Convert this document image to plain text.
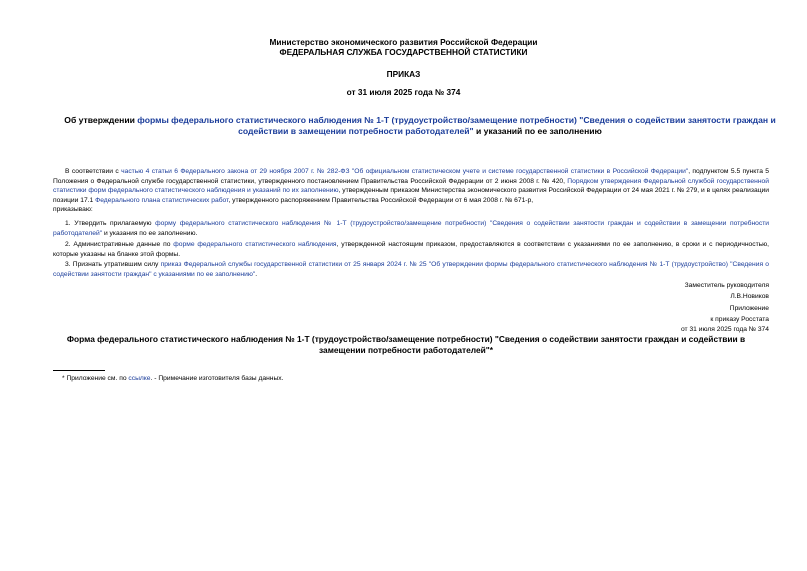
Министерство экономического развития Российской Федерации
ФЕДЕРАЛЬНАЯ СЛУЖБА ГОСУДАРСТВЕННОЙ СТАТИСТИКИ
ПРИКАЗ
от 31 июля 2025 года № 374
Об утверждении формы федерального статистического наблюдения № 1-Т (трудоустройство/замещение потребности) "Сведения о содействии занятости граждан и содействии в замещении потребности работодателей" и указаний по ее заполнению
В соответствии с частью 4 статьи 6 Федерального закона от 29 ноября 2007 г. № 282-ФЗ "Об официальном статистическом учете и системе государственной статистики в Российской Федерации", подпунктом 5.5 пункта 5 Положения о Федеральной службе государственной статистики, утвержденного постановлением Правительства Российской Федерации от 2 июня 2008 г. № 420, Порядком утверждения Федеральной службой государственной статистики форм федерального статистического наблюдения и указаний по их заполнению, утвержденным приказом Министерства экономического развития Российской Федерации от 24 мая 2021 г. № 279, и в целях реализации позиции 17.1 Федерального плана статистических работ, утвержденного распоряжением Правительства Российской Федерации от 6 мая 2008 г. № 671-р,
приказываю:
1. Утвердить прилагаемую форму федерального статистического наблюдения № 1-Т (трудоустройство/замещение потребности) "Сведения о содействии занятости граждан и содействии в замещении потребности работодателей" и указания по ее заполнению.
2. Административные данные по форме федерального статистического наблюдения, утвержденной настоящим приказом, предоставляются в соответствии с указаниями по ее заполнению, в сроки и с периодичностью, которые указаны на бланке этой формы.
3. Признать утратившим силу приказ Федеральной службы государственной статистики от 25 января 2024 г. № 25 "Об утверждении формы федерального статистического наблюдения № 1-Т (трудоустройство) "Сведения о содействии занятости граждан" с указаниями по ее заполнению".
Заместитель руководителя
Л.В.Новиков
Приложение
к приказу Росстата
от 31 июля 2025 года № 374
Форма федерального статистического наблюдения № 1-Т (трудоустройство/замещение потребности) "Сведения о содействии занятости граждан и содействии в замещении потребности работодателей"*
* Приложение см. по ссылке. - Примечание изготовителя базы данных.
